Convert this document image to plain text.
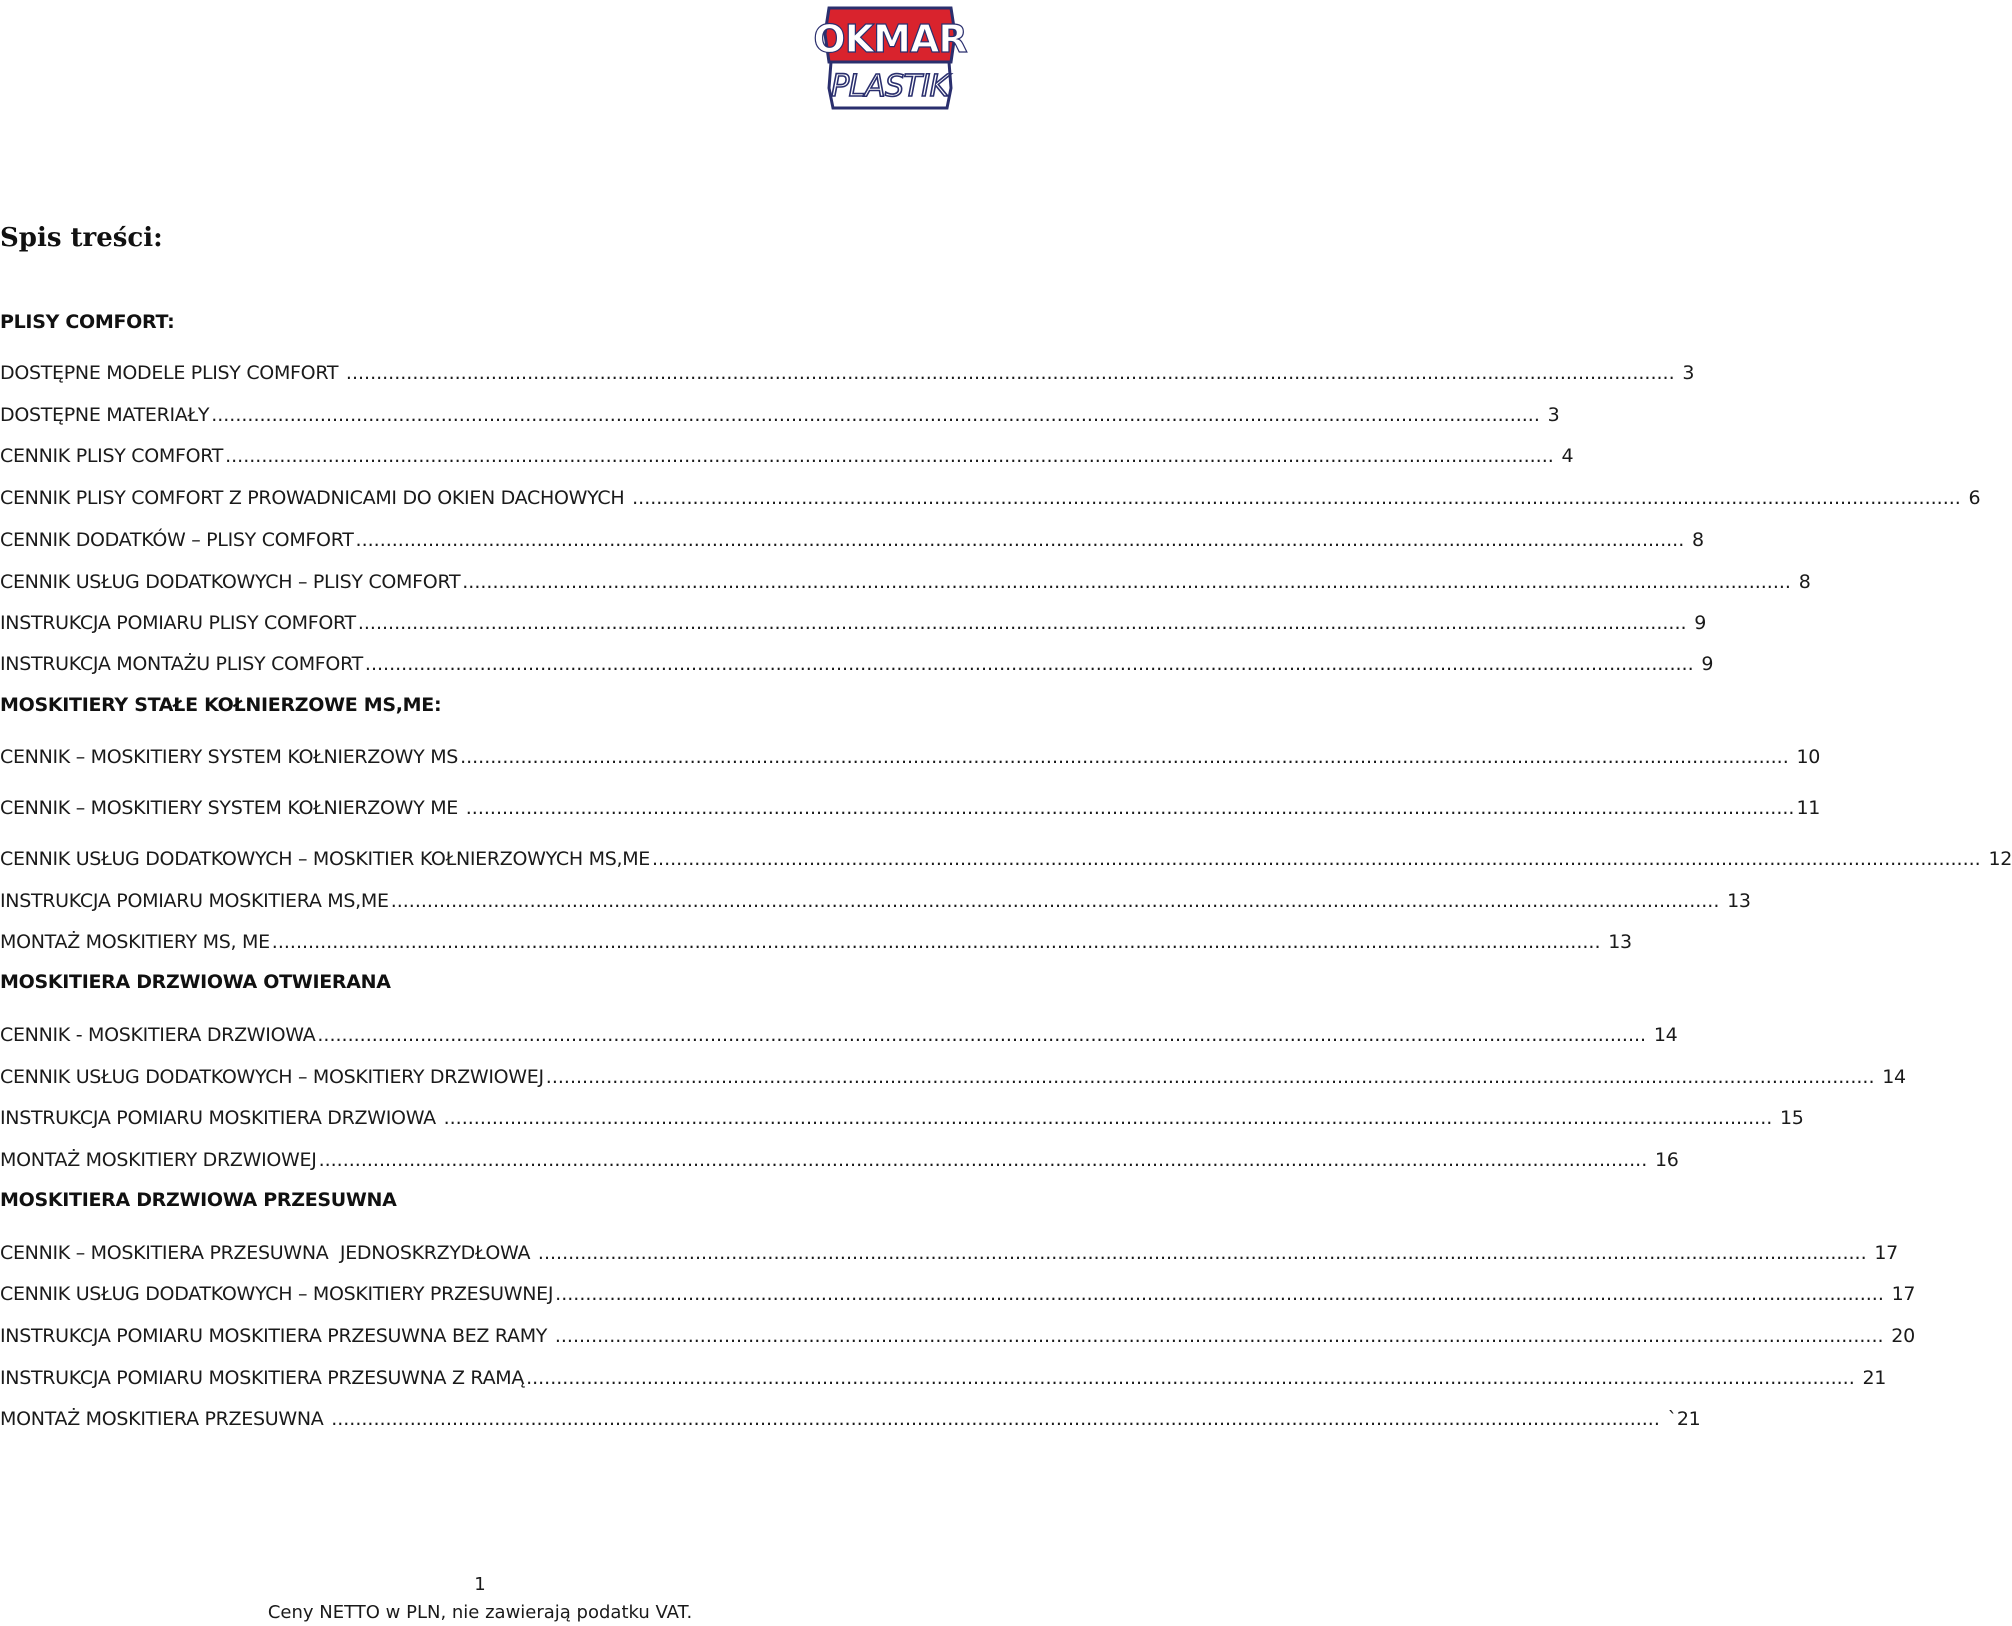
OKMAR
PLASTIK
Spis treści:
PLISY COMFORT:
DOSTĘPNE MODELE PLISY COMFORT ............................................................................................................................................................................................................................ 3
DOSTĘPNE MATERIAŁY ............................................................................................................................................................................................................................ 3
CENNIK PLISY COMFORT ............................................................................................................................................................................................................................ 4
CENNIK PLISY COMFORT Z PROWADNICAMI DO OKIEN DACHOWYCH ............................................................................................................................................................................................................................ 6
CENNIK DODATKÓW – PLISY COMFORT ............................................................................................................................................................................................................................ 8
CENNIK USŁUG DODATKOWYCH – PLISY COMFORT ............................................................................................................................................................................................................................ 8
INSTRUKCJA POMIARU PLISY COMFORT ............................................................................................................................................................................................................................ 9
INSTRUKCJA MONTAŻU PLISY COMFORT ............................................................................................................................................................................................................................ 9
MOSKITIERY STAŁE KOŁNIERZOWE MS,ME:
CENNIK – MOSKITIERY SYSTEM KOŁNIERZOWY MS ............................................................................................................................................................................................................................ 10
CENNIK – MOSKITIERY SYSTEM KOŁNIERZOWY ME ............................................................................................................................................................................................................................ 11
CENNIK USŁUG DODATKOWYCH – MOSKITIER KOŁNIERZOWYCH MS,ME ............................................................................................................................................................................................................................ 12
INSTRUKCJA POMIARU MOSKITIERA MS,ME ............................................................................................................................................................................................................................ 13
MONTAŻ MOSKITIERY MS, ME ............................................................................................................................................................................................................................ 13
MOSKITIERA DRZWIOWA OTWIERANA
CENNIK - MOSKITIERA DRZWIOWA ............................................................................................................................................................................................................................ 14
CENNIK USŁUG DODATKOWYCH – MOSKITIERY DRZWIOWEJ ............................................................................................................................................................................................................................ 14
INSTRUKCJA POMIARU MOSKITIERA DRZWIOWA ............................................................................................................................................................................................................................ 15
MONTAŻ MOSKITIERY DRZWIOWEJ ............................................................................................................................................................................................................................ 16
MOSKITIERA DRZWIOWA PRZESUWNA
CENNIK – MOSKITIERA PRZESUWNA  JEDNOSKRZYDŁOWA ............................................................................................................................................................................................................................ 17
CENNIK USŁUG DODATKOWYCH – MOSKITIERY PRZESUWNEJ ............................................................................................................................................................................................................................ 17
INSTRUKCJA POMIARU MOSKITIERA PRZESUWNA BEZ RAMY ............................................................................................................................................................................................................................ 20
INSTRUKCJA POMIARU MOSKITIERA PRZESUWNA Z RAMĄ ............................................................................................................................................................................................................................ 21
MONTAŻ MOSKITIERA PRZESUWNA ............................................................................................................................................................................................................................ `21
1
Ceny NETTO w PLN, nie zawierają podatku VAT.
